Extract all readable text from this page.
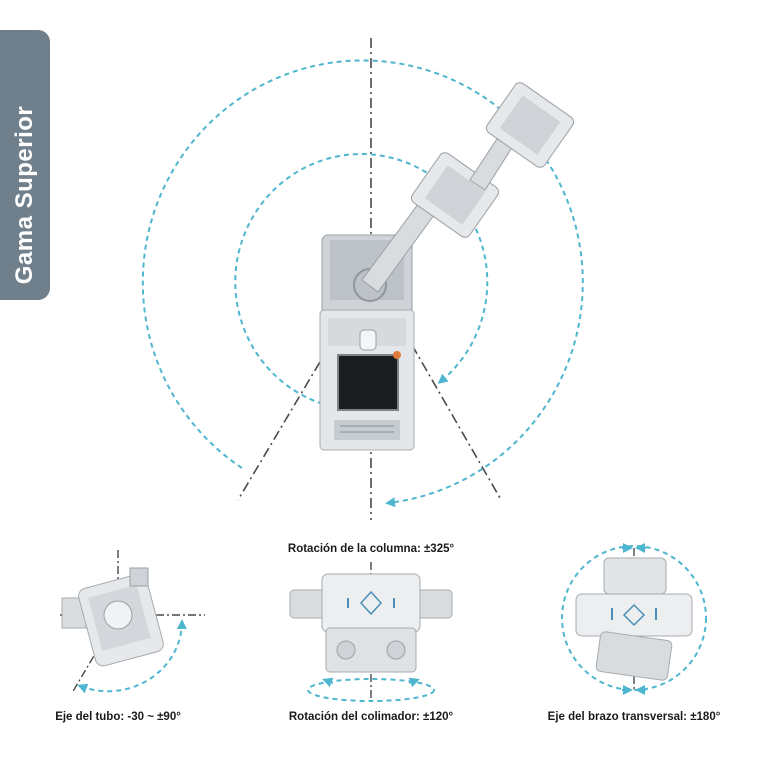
Gama Superior
Rotación de la columna: ±325°
Eje del tubo: -30 ~ ±90°	Rotación del colimador: ±120°	Eje del brazo transversal: ±180°
